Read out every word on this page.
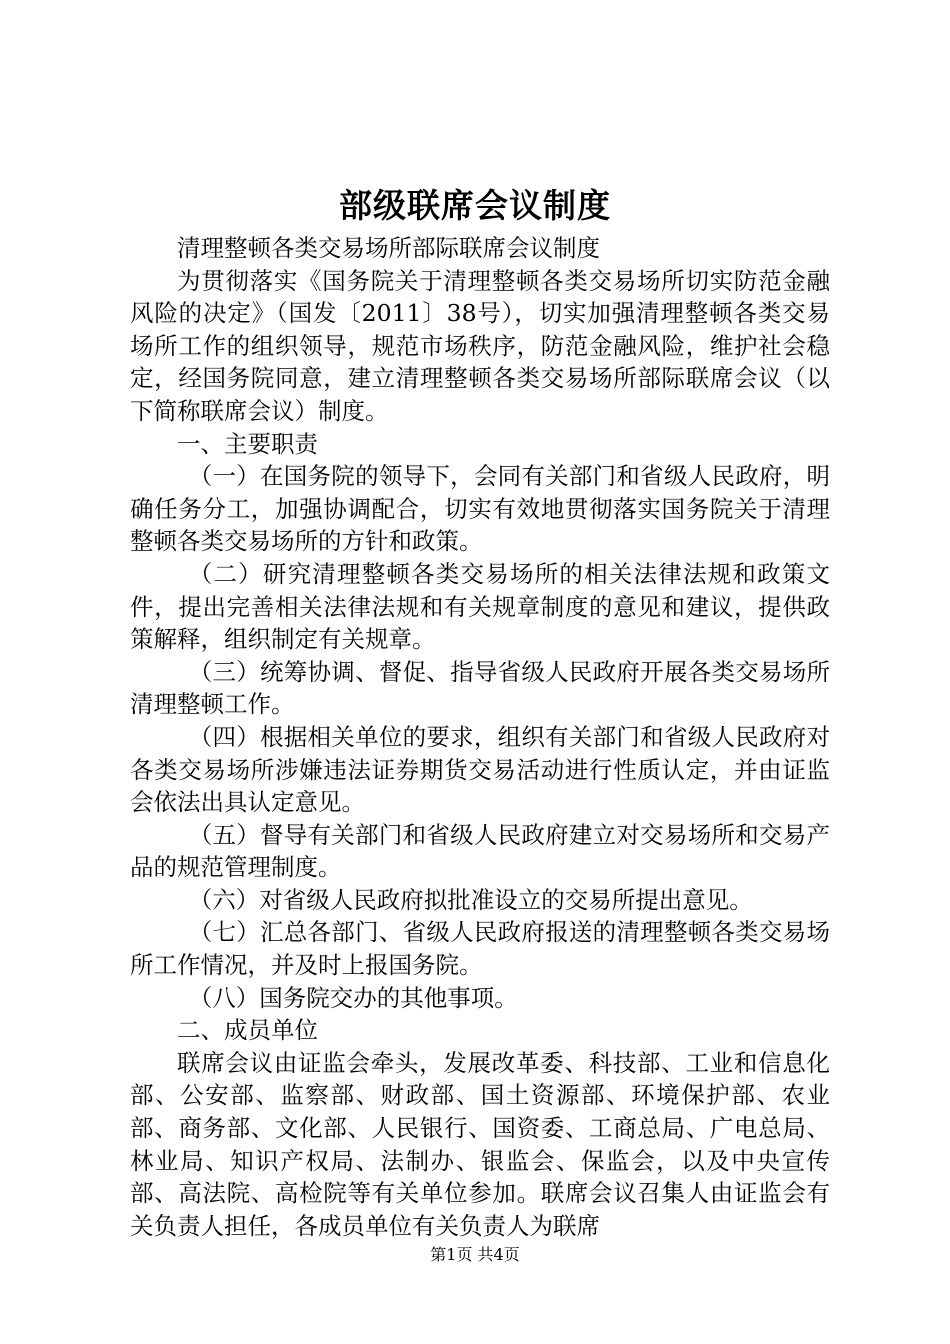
部级联席会议制度

清理整顿各类交易场所部际联席会议制度

为贯彻落实《国务院关于清理整顿各类交易场所切实防范金融风险的决定》（国发〔2011〕38号），切实加强清理整顿各类交易场所工作的组织领导，规范市场秩序，防范金融风险，维护社会稳定，经国务院同意，建立清理整顿各类交易场所部际联席会议（以下简称联席会议）制度。

一、主要职责

（一）在国务院的领导下，会同有关部门和省级人民政府，明确任务分工，加强协调配合，切实有效地贯彻落实国务院关于清理整顿各类交易场所的方针和政策。

（二）研究清理整顿各类交易场所的相关法律法规和政策文件，提出完善相关法律法规和有关规章制度的意见和建议，提供政策解释，组织制定有关规章。

（三）统筹协调、督促、指导省级人民政府开展各类交易场所清理整顿工作。

（四）根据相关单位的要求，组织有关部门和省级人民政府对各类交易场所涉嫌违法证券期货交易活动进行性质认定，并由证监会依法出具认定意见。

（五）督导有关部门和省级人民政府建立对交易场所和交易产品的规范管理制度。

（六）对省级人民政府拟批准设立的交易所提出意见。

（七）汇总各部门、省级人民政府报送的清理整顿各类交易场所工作情况，并及时上报国务院。

（八）国务院交办的其他事项。

二、成员单位

联席会议由证监会牵头，发展改革委、科技部、工业和信息化部、公安部、监察部、财政部、国土资源部、环境保护部、农业部、商务部、文化部、人民银行、国资委、工商总局、广电总局、林业局、知识产权局、法制办、银监会、保监会，以及中央宣传部、高法院、高检院等有关单位参加。联席会议召集人由证监会有关负责人担任，各成员单位有关负责人为联席

第1页 共4页
